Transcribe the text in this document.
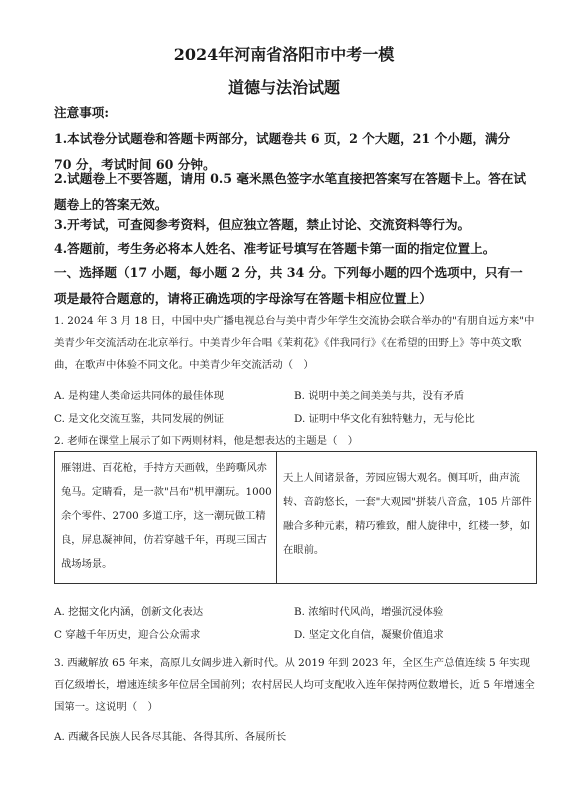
2024年河南省洛阳市中考一模
道德与法治试题
注意事项:
1.本试卷分试题卷和答题卡两部分，试题卷共 6 页，2 个大题，21 个小题，满分 70 分，考试时间 60 分钟。
2.试题卷上不要答题，请用 0.5 毫米黑色签字水笔直接把答案写在答题卡上。答在试题卷上的答案无效。
3.开考试，可查阅参考资料，但应独立答题，禁止讨论、交流资料等行为。
4.答题前，考生务必将本人姓名、准考证号填写在答题卡第一面的指定位置上。
一、选择题（17 小题，每小题 2 分，共 34 分。下列每小题的四个选项中，只有一项是最符合题意的，请将正确选项的字母涂写在答题卡相应位置上）
1. 2024 年 3 月 18 日，中国中央广播电视总台与美中青少年学生交流协会联合举办的"有朋自远方来"中美青少年交流活动在北京举行。中美青少年合唱《茉莉花》《伴我同行》《在希望的田野上》等中英文歌曲，在歌声中体验不同文化。中美青少年交流活动（　）
A. 是构建人类命运共同体的最佳体现	B. 说明中美之间美美与共，没有矛盾
C. 是文化交流互鉴，共同发展的例证	D. 证明中华文化有独特魅力，无与伦比
2. 老师在课堂上展示了如下两则材料，他是想表达的主题是（　）
雁翎进、百花枪，手持方天画戟，坐跨嘶风赤兔马。定睛看，是一款"吕布"机甲潮玩。1000 余个零件、2700 多道工序，这一潮玩做工精良，屏息凝神间，仿若穿越千年，再现三国古战场场景。
天上人间诸景备，芳园应锡大观名。侧耳听，曲声流转、音韵悠长，一套"大观园"拼装八音盒，105 片部件融合多种元素，精巧雅致，酣人旋律中，红楼一梦，如在眼前。
A. 挖掘文化内涵，创新文化表达	B. 浓缩时代风尚，增强沉浸体验
C 穿越千年历史，迎合公众需求	D. 坚定文化自信，凝聚价值追求
3. 西藏解放 65 年来，高原儿女阔步进入新时代。从 2019 年到 2023 年，全区生产总值连续 5 年实现百亿级增长，增速连续多年位居全国前列；农村居民人均可支配收入连年保持两位数增长，近 5 年增速全国第一。这说明（　）
A. 西藏各民族人民各尽其能、各得其所、各展所长
